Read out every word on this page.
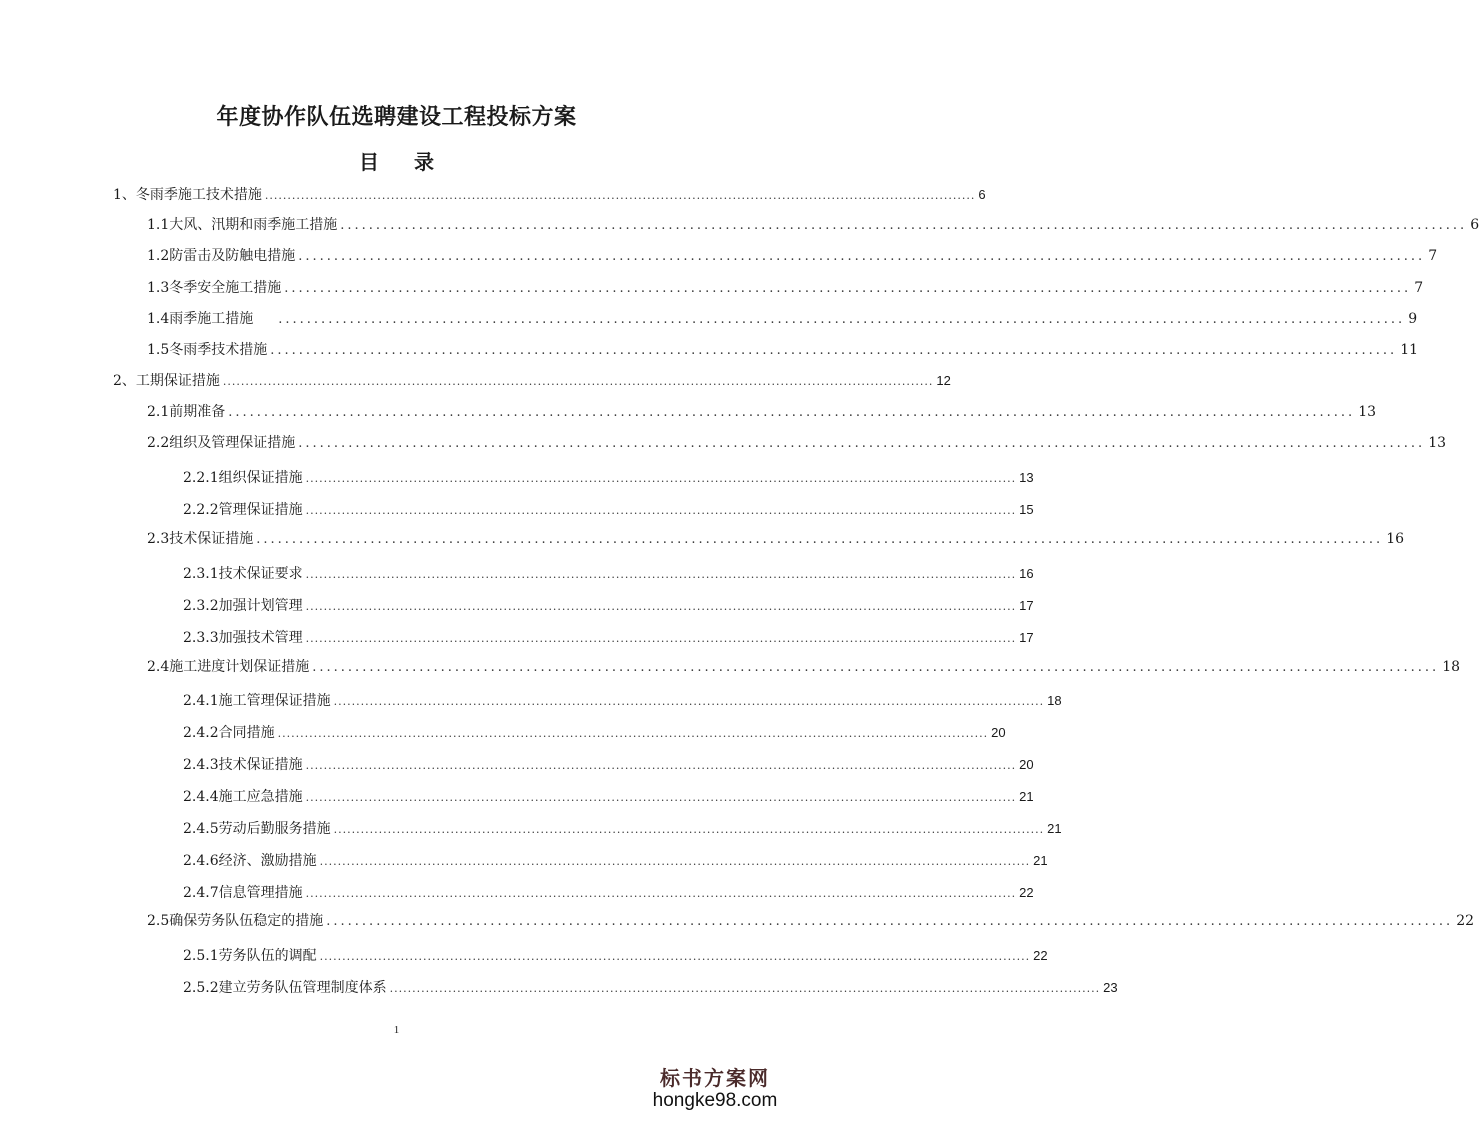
年度协作队伍选聘建设工程投标方案
目 录
1、冬雨季施工技术措施 .............................................................................................................................................................. 6
1.1大风、汛期和雨季施工措施 .............................................................................................................................................................. 6
1.2防雷击及防触电措施 .............................................................................................................................................................. 7
1.3冬季安全施工措施 .............................................................................................................................................................. 7
1.4雨季施工措施 .............................................................................................................................................................. 9
1.5冬雨季技术措施 .............................................................................................................................................................. 11
2、工期保证措施 .............................................................................................................................................................. 12
2.1前期准备 .............................................................................................................................................................. 13
2.2组织及管理保证措施 .............................................................................................................................................................. 13
2.2.1组织保证措施 .............................................................................................................................................................. 13
2.2.2管理保证措施 .............................................................................................................................................................. 15
2.3技术保证措施 .............................................................................................................................................................. 16
2.3.1技术保证要求 .............................................................................................................................................................. 16
2.3.2加强计划管理 .............................................................................................................................................................. 17
2.3.3加强技术管理 .............................................................................................................................................................. 17
2.4施工进度计划保证措施 .............................................................................................................................................................. 18
2.4.1施工管理保证措施 .............................................................................................................................................................. 18
2.4.2合同措施 .............................................................................................................................................................. 20
2.4.3技术保证措施 .............................................................................................................................................................. 20
2.4.4施工应急措施 .............................................................................................................................................................. 21
2.4.5劳动后勤服务措施 .............................................................................................................................................................. 21
2.4.6经济、激励措施 .............................................................................................................................................................. 21
2.4.7信息管理措施 .............................................................................................................................................................. 22
2.5确保劳务队伍稳定的措施 .............................................................................................................................................................. 22
2.5.1劳务队伍的调配 .............................................................................................................................................................. 22
2.5.2建立劳务队伍管理制度体系 .............................................................................................................................................................. 23
1
标书方案网
hongke98.com
